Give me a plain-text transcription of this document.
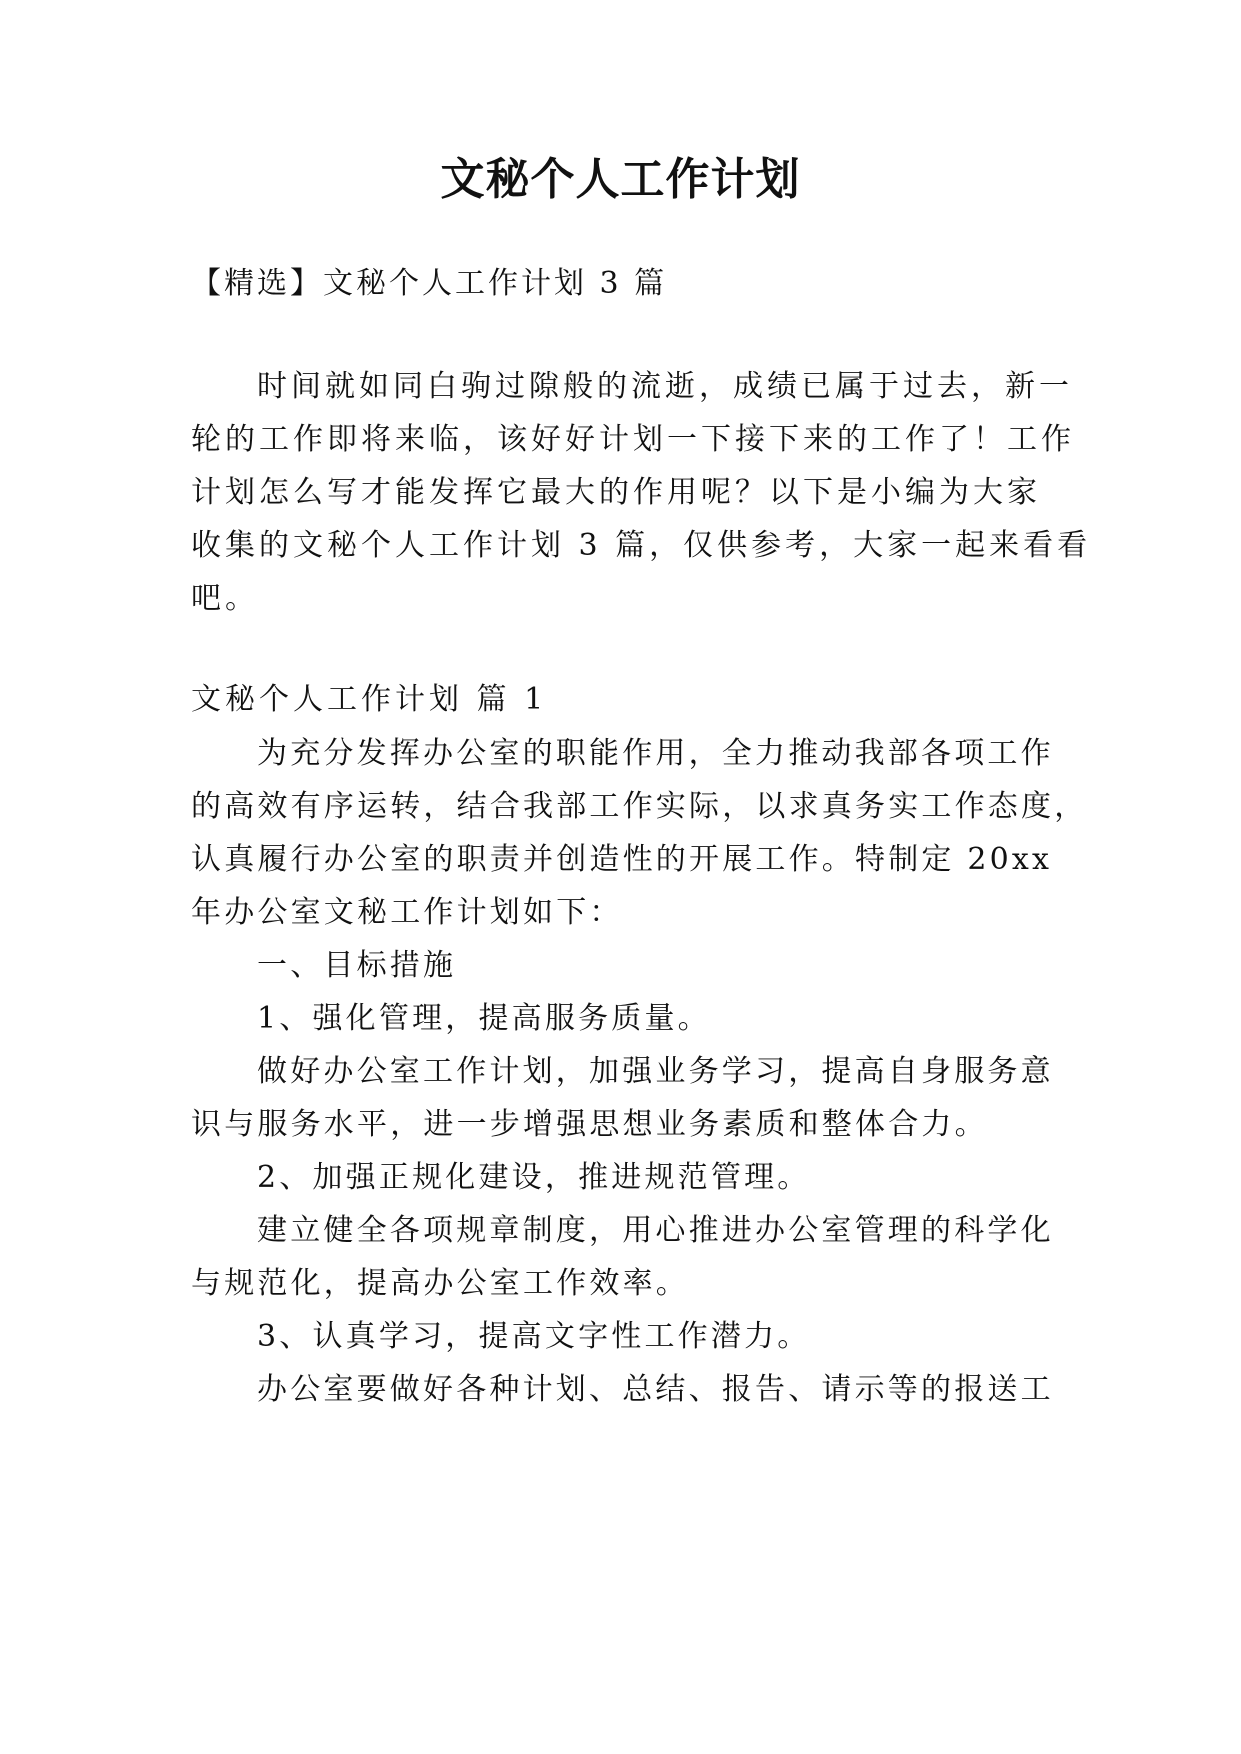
文秘个人工作计划
【精选】文秘个人工作计划 3 篇
时间就如同白驹过隙般的流逝，成绩已属于过去，新一
轮的工作即将来临，该好好计划一下接下来的工作了！工作
计划怎么写才能发挥它最大的作用呢？以下是小编为大家
收集的文秘个人工作计划 3 篇，仅供参考，大家一起来看看
吧。
文秘个人工作计划 篇 1
为充分发挥办公室的职能作用，全力推动我部各项工作
的高效有序运转，结合我部工作实际，以求真务实工作态度，
认真履行办公室的职责并创造性的开展工作。特制定 20xx
年办公室文秘工作计划如下：
一、目标措施
1、强化管理，提高服务质量。
做好办公室工作计划，加强业务学习，提高自身服务意
识与服务水平，进一步增强思想业务素质和整体合力。
2、加强正规化建设，推进规范管理。
建立健全各项规章制度，用心推进办公室管理的科学化
与规范化，提高办公室工作效率。
3、认真学习，提高文字性工作潜力。
办公室要做好各种计划、总结、报告、请示等的报送工
